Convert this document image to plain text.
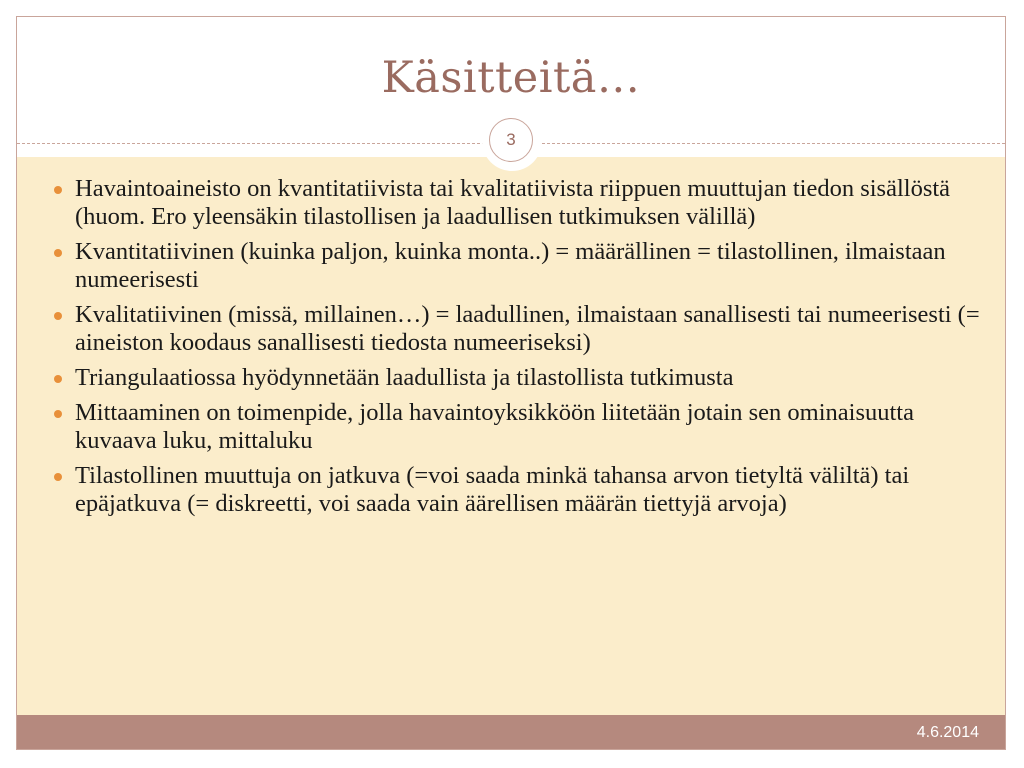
Käsitteitä…
3
Havaintoaineisto on kvantitatiivista tai kvalitatiivista riippuen muuttujan tiedon sisällöstä (huom. Ero yleensäkin tilastollisen ja laadullisen tutkimuksen välillä)
Kvantitatiivinen (kuinka paljon, kuinka monta..) = määrällinen = tilastollinen, ilmaistaan numeerisesti
Kvalitatiivinen (missä, millainen…) = laadullinen, ilmaistaan sanallisesti tai numeerisesti (= aineiston koodaus sanallisesti tiedosta numeeriseksi)
Triangulaatiossa hyödynnetään laadullista ja tilastollista tutkimusta
Mittaaminen on toimenpide, jolla havaintoyksikköön liitetään jotain sen ominaisuutta kuvaava luku, mittaluku
Tilastollinen muuttuja on jatkuva (=voi saada minkä tahansa arvon tietyltä väliltä) tai epäjatkuva (= diskreetti, voi saada vain äärellisen määrän tiettyjä arvoja)
4.6.2014
